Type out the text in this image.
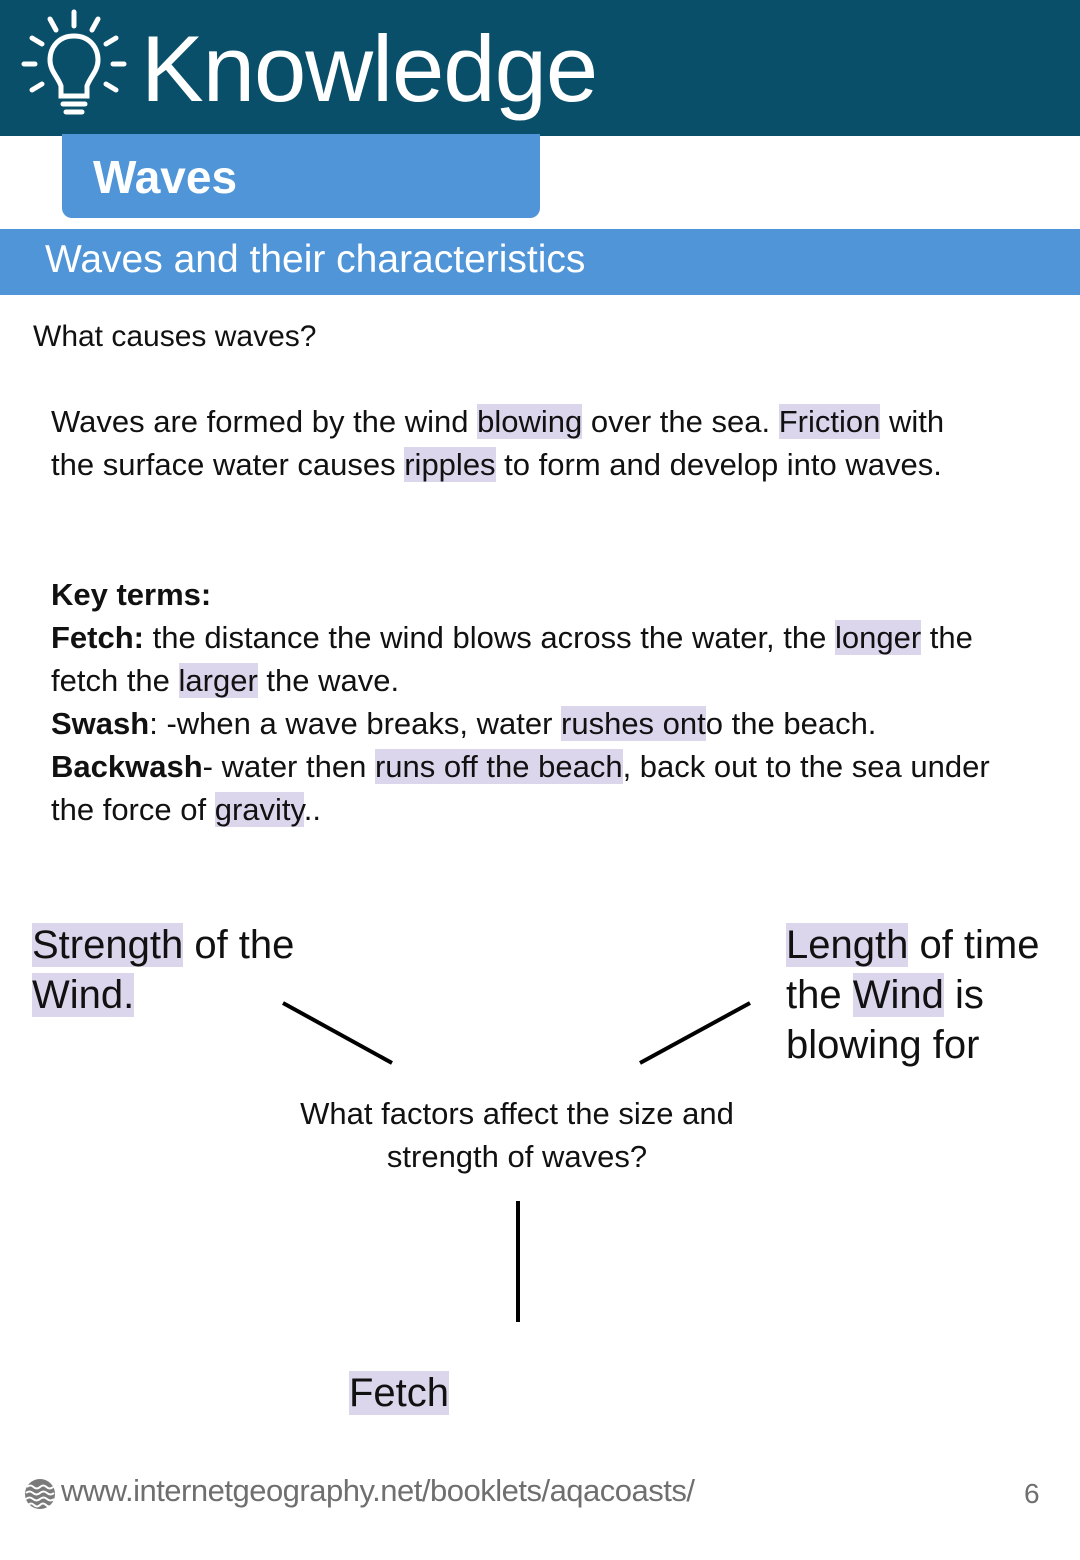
Knowledge
Waves
Waves and their characteristics
What causes waves?
Waves are formed by the wind blowing over the sea. Friction with the surface water causes ripples to form and develop into waves.
Key terms:
Fetch: the distance the wind blows across the water, the longer the fetch the larger the wave.
Swash: -when a wave breaks, water rushes onto the beach.
Backwash- water then runs off the beach, back out to the sea under the force of gravity..
Strength of the
Wind.
Length of time
the Wind is
blowing for
What factors affect the size and strength of waves?
Fetch
www.internetgeography.net/booklets/aqacoasts/	6
